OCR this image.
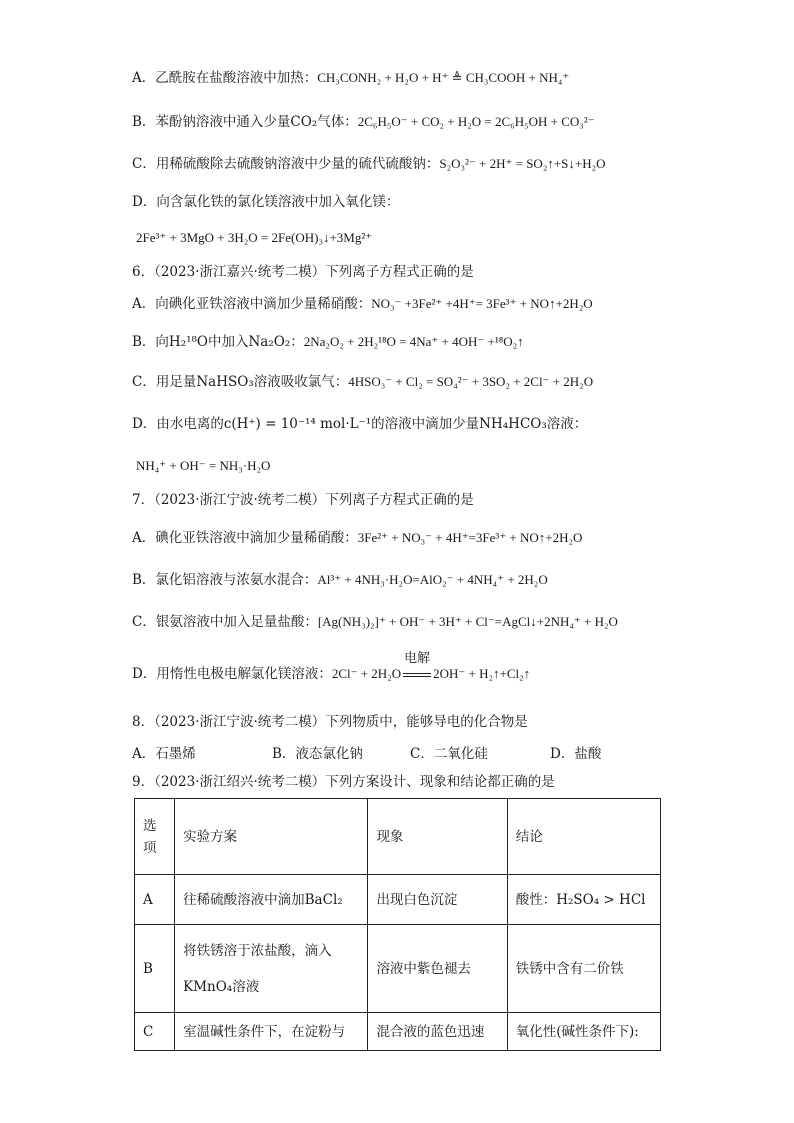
A．乙酰胺在盐酸溶液中加热：CH₃CONH₂ + H₂O + H⁺ ≜ CH₃COOH + NH₄⁺
B．苯酚钠溶液中通入少量CO₂气体：2C₆H₅O⁻ + CO₂ + H₂O = 2C₆H₅OH + CO₃²⁻
C．用稀硫酸除去硫酸钠溶液中少量的硫代硫酸钠：S₂O₃²⁻ + 2H⁺ = SO₂↑+S↓+H₂O
D．向含氯化铁的氯化镁溶液中加入氧化镁：
2Fe³⁺ + 3MgO + 3H₂O = 2Fe(OH)₃↓+3Mg²⁺
6．（2023·浙江嘉兴·统考二模）下列离子方程式正确的是
A．向碘化亚铁溶液中滴加少量稀硝酸：NO₃⁻ +3Fe²⁺ +4H⁺= 3Fe³⁺ + NO↑+2H₂O
B．向H₂¹⁸O中加入Na₂O₂：2Na₂O₂ + 2H₂¹⁸O = 4Na⁺ + 4OH⁻ +¹⁸O₂↑
C．用足量NaHSO₃溶液吸收氯气：4HSO₃⁻ + Cl₂ = SO₄²⁻ + 3SO₂ + 2Cl⁻ + 2H₂O
D．由水电离的c(H⁺) = 10⁻¹⁴ mol·L⁻¹的溶液中滴加少量NH₄HCO₃溶液：
NH₄⁺ + OH⁻ = NH₃·H₂O
7．（2023·浙江宁波·统考二模）下列离子方程式正确的是
A．碘化亚铁溶液中滴加少量稀硝酸：3Fe²⁺ + NO₃⁻ + 4H⁺=3Fe³⁺ + NO↑+2H₂O
B．氯化铝溶液与浓氨水混合：Al³⁺ + 4NH₃·H₂O=AlO₂⁻ + 4NH₄⁺ + 2H₂O
C．银氨溶液中加入足量盐酸：[Ag(NH₃)₂]⁺ + OH⁻ + 3H⁺ + Cl⁻=AgCl↓+2NH₄⁺ + H₂O
D．用惰性电极电解氯化镁溶液：2Cl⁻ + 2H₂O
电解
2OH⁻ + H₂↑+Cl₂↑
8．（2023·浙江宁波·统考二模）下列物质中，能够导电的化合物是
A．石墨烯	B．液态氯化钠	C．二氧化硅	D．盐酸
9．（2023·浙江绍兴·统考二模）下列方案设计、现象和结论都正确的是
选项	实验方案	现象	结论
A	往稀硫酸溶液中滴加BaCl₂	出现白色沉淀	酸性：H₂SO₄ > HCl

B	将铁锈溶于浓盐酸，滴入
KMnO₄溶液	溶液中紫色褪去	铁锈中含有二价铁

C	室温碱性条件下，在淀粉与	混合液的蓝色迅速	氧化性(碱性条件下):
